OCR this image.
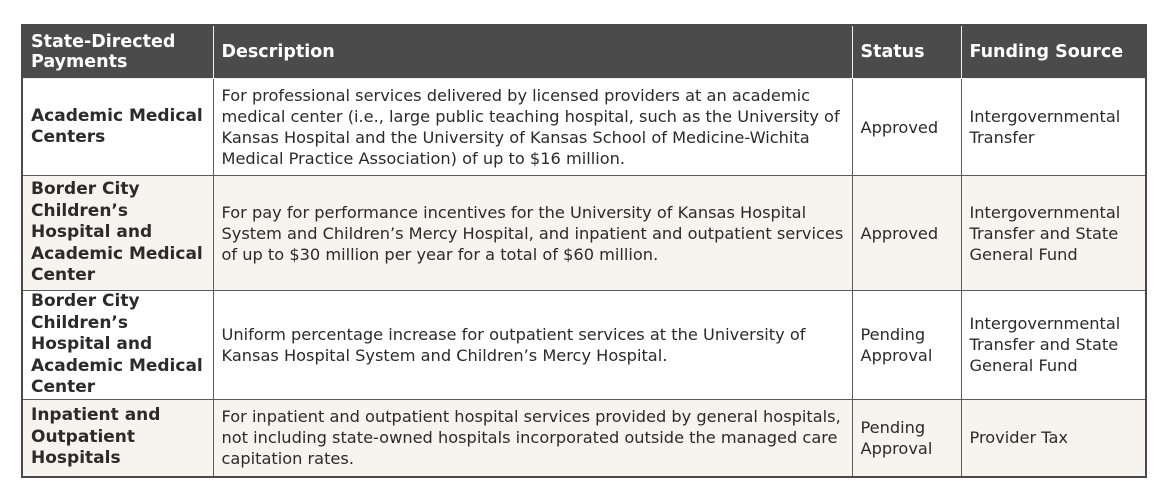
State-Directed Payments	Description	Status	Funding Source
Academic Medical Centers	For professional services delivered by licensed providers at an academic medical center (i.e., large public teaching hospital, such as the University of Kansas Hospital and the University of Kansas School of Medicine-Wichita Medical Practice Association) of up to $16 million.	Approved	Intergovernmental Transfer
Border City Children’s Hospital and Academic Medical Center	For pay for performance incentives for the University of Kansas Hospital System and Children’s Mercy Hospital, and inpatient and outpatient services of up to $30 million per year for a total of $60 million.	Approved	Intergovernmental Transfer and State General Fund
Border City Children’s Hospital and Academic Medical Center	Uniform percentage increase for outpatient services at the University of Kansas Hospital System and Children’s Mercy Hospital.	Pending Approval	Intergovernmental Transfer and State General Fund
Inpatient and Outpatient Hospitals	For inpatient and outpatient hospital services provided by general hospitals, not including state-owned hospitals incorporated outside the managed care capitation rates.	Pending Approval	Provider Tax
